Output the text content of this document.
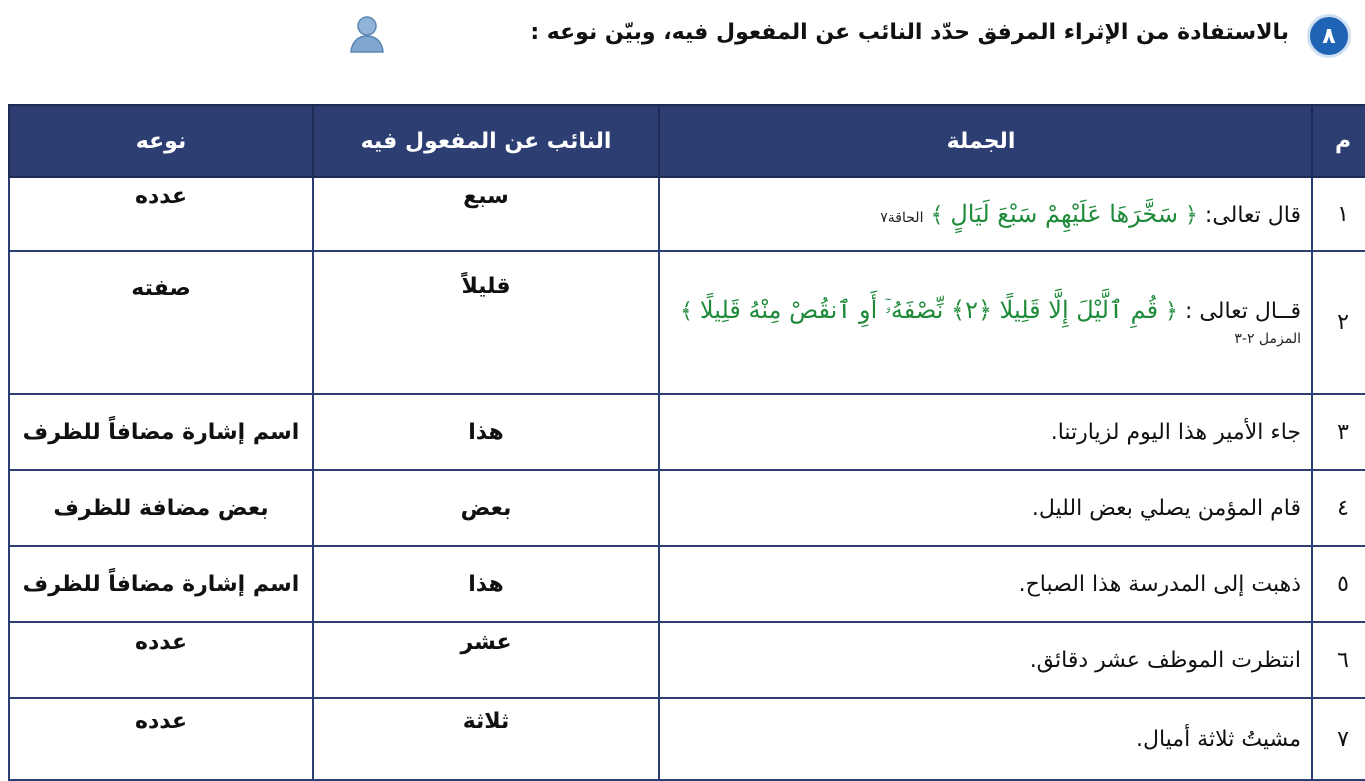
٨
بالاستفادة من الإثراء المرفق حدّد النائب عن المفعول فيه، وبيّن نوعه :
م	الجملة	النائب عن المفعول فيه	نوعه
١	قال تعالى: ﴿ سَخَّرَهَا عَلَيْهِمْ سَبْعَ لَيَالٍ ﴾ الحاقة٧	سبع	عدده

٢	قــال تعالى : ﴿ قُمِ ٱلَّيْلَ إِلَّا قَلِيلًا ﴿٢﴾ نِّصْفَهُۥٓ أَوِ ٱنقُصْ مِنْهُ قَلِيلًا ﴾ المزمل ٢-٣	قليلاً	صفته
٣	جاء الأمير هذا اليوم لزيارتنا.	هذا	اسم إشارة مضافاً للظرف
٤	قام المؤمن يصلي بعض الليل.	بعض	بعض مضافة للظرف
٥	ذهبت إلى المدرسة هذا الصباح.	هذا	اسم إشارة مضافاً للظرف
٦	انتظرت الموظف عشر دقائق.	عشر	عدده

٧	مشيتُ ثلاثة أميال.	ثلاثة	عدده
